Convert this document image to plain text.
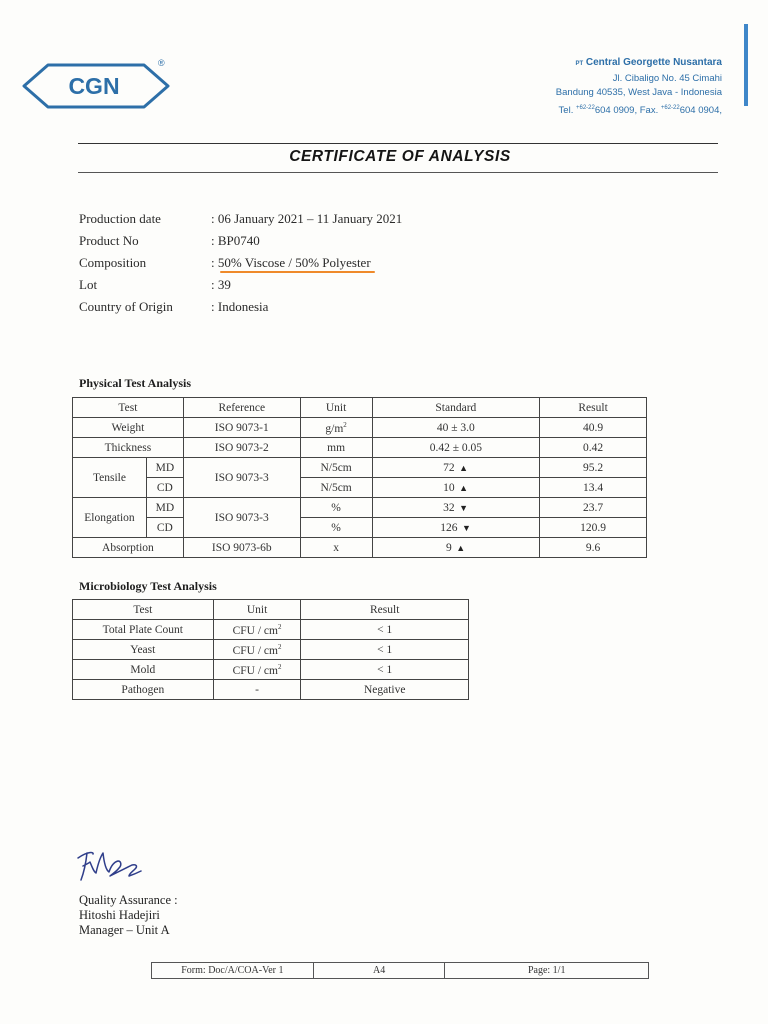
CGN
®	PT Central Georgette Nusantara
Jl. Cibaligo No. 45 Cimahi
Bandung 40535, West Java - Indonesia
Tel. $^{+62-22}$604 0909, Fax. $^{+62-22}$604 0904,
CERTIFICATE OF ANALYSIS
Production date	: 06 January 2021 – 11 January 2021
Product No	: BP0740
Composition	: 50% Viscose / 50% Polyester
Lot	: 39
Country of Origin	: Indonesia
Physical Test Analysis
Test		Reference	Unit	Standard	Result
Weight		ISO 9073-1	$g/m^2$	40 ± 3.0	40.9
Thickness		ISO 9073-2	mm	0.42 ± 0.05	0.42
Tensile	MD	ISO 9073-3	N/5cm	72 ▲	95.2
	CD		N/5cm	10 ▲	13.4
Elongation	MD	ISO 9073-3	%	32 ▼	23.7
	CD		%	126 ▼	120.9
Absorption		ISO 9073-6b	x	9 ▲	9.6
Microbiology Test Analysis
Test	Unit	Result
Total Plate Count	CFU / $cm^2$	< 1
Yeast	CFU / $cm^2$	< 1
Mold	CFU / $cm^2$	< 1
Pathogen	-	Negative
Quality Assurance :
Hitoshi Hadejiri
Manager – Unit A
Form: Doc/A/COA-Ver 1	A4	Page: 1/1
